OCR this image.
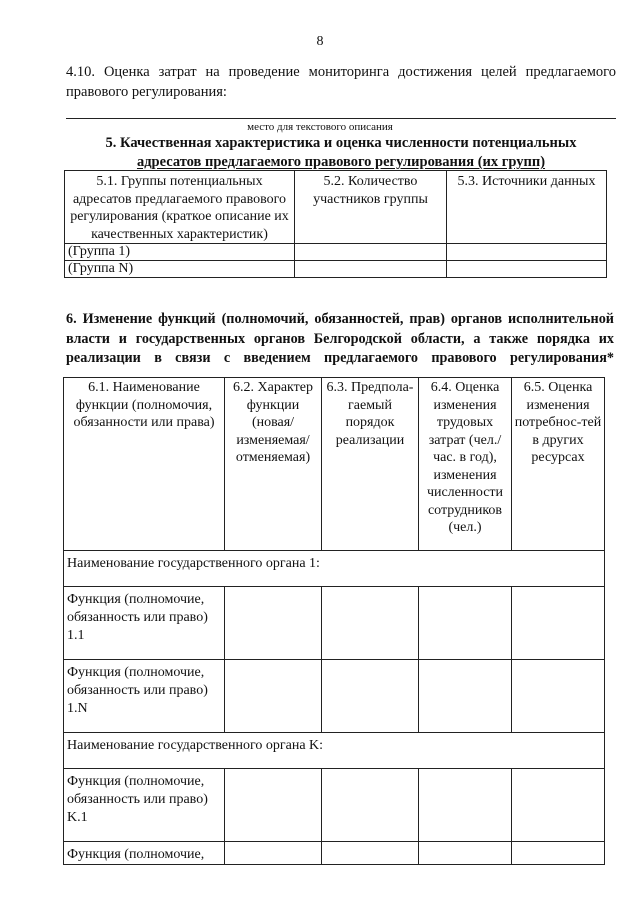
8
4.10. Оценка затрат на проведение мониторинга достижения целей предлагаемого правового регулирования:
место для текстового описания
5. Качественная характеристика и оценка численности потенциальных
адресатов предлагаемого правового регулирования (их групп)
5.1. Группы потенциальных адресатов предлагаемого правового регулирования (краткое описание их качественных характеристик)	5.2. Количество участников группы	5.3. Источники данных
(Группа 1)		
(Группа N)		
6. Изменение функций (полномочий, обязанностей, прав) органов исполнительной власти и государственных органов Белгородской области, а также порядка их реализации в связи с введением предлагаемого правового регулирования*
6.1. Наименование функции (полномочия, обязанности или права)	6.2. Характер функции (новая/ изменяемая/ отменяемая)	6.3. Предпола-гаемый порядок реализации	6.4. Оценка изменения трудовых затрат (чел./час. в год), изменения численности сотрудников (чел.)	6.5. Оценка изменения потребнос-тей в других ресурсах
Наименование государственного органа 1:				
Функция (полномочие, обязанность или право) 1.1				
Функция (полномочие, обязанность или право) 1.N				
Наименование государственного органа K:				
Функция (полномочие, обязанность или право) K.1				
Функция (полномочие,				
